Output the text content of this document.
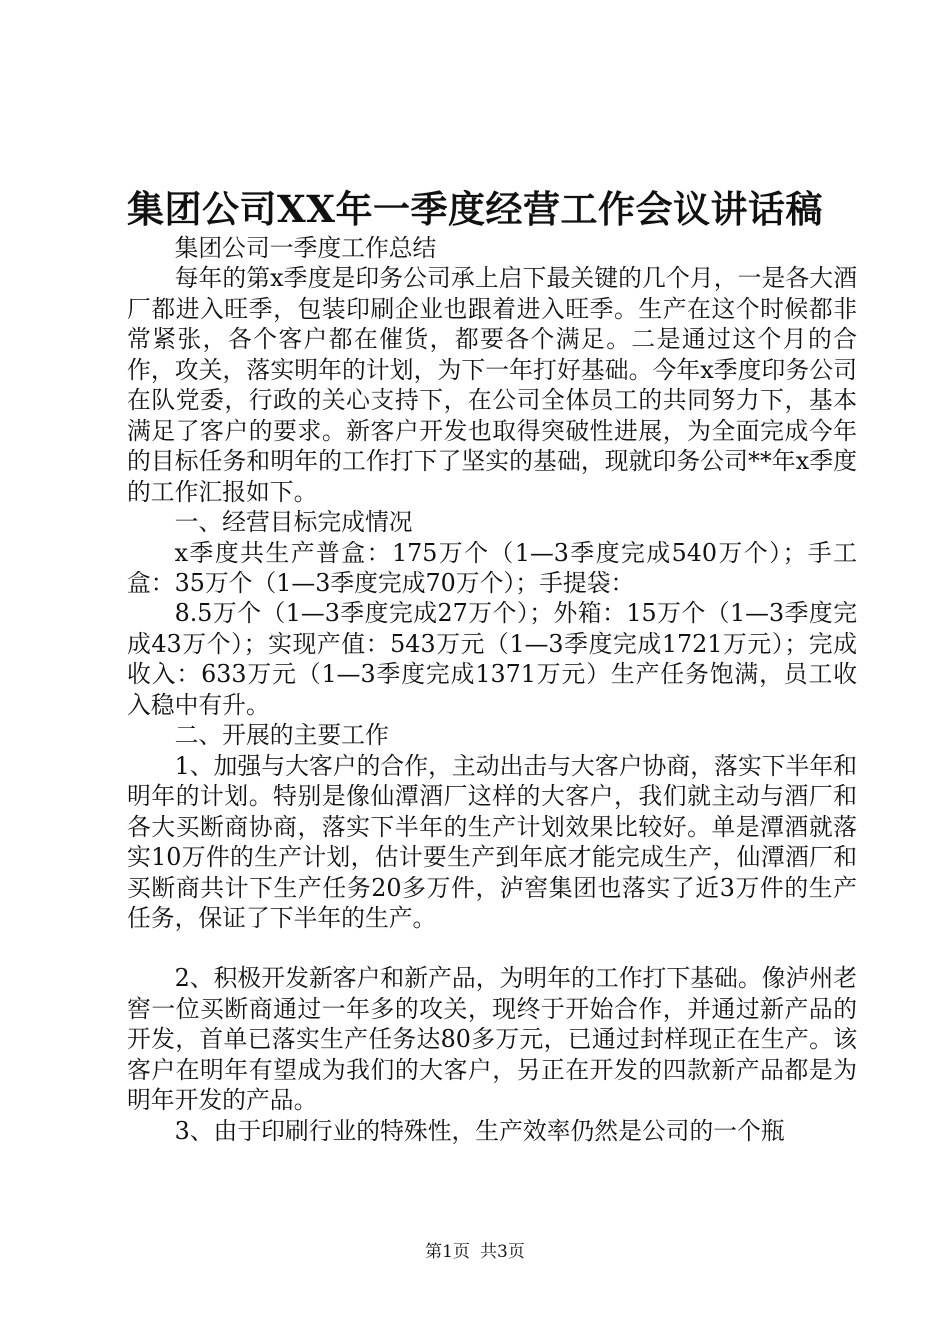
集团公司XX年一季度经营工作会议讲话稿

集团公司一季度工作总结

每年的第x季度是印务公司承上启下最关键的几个月，一是各大酒厂都进入旺季，包装印刷企业也跟着进入旺季。生产在这个时候都非常紧张，各个客户都在催货，都要各个满足。二是通过这个月的合作，攻关，落实明年的计划，为下一年打好基础。今年x季度印务公司在队党委，行政的关心支持下，在公司全体员工的共同努力下，基本满足了客户的要求。新客户开发也取得突破性进展，为全面完成今年的目标任务和明年的工作打下了坚实的基础，现就印务公司**年x季度的工作汇报如下。

一、经营目标完成情况

x季度共生产普盒：175万个（1—3季度完成540万个）；手工盒：35万个（1—3季度完成70万个）；手提袋：

8.5万个（1—3季度完成27万个）；外箱：15万个（1—3季度完成43万个）；实现产值：543万元（1—3季度完成1721万元）；完成收入：633万元（1—3季度完成1371万元）生产任务饱满，员工收入稳中有升。

二、开展的主要工作

1、加强与大客户的合作，主动出击与大客户协商，落实下半年和明年的计划。特别是像仙潭酒厂这样的大客户，我们就主动与酒厂和各大买断商协商，落实下半年的生产计划效果比较好。单是潭酒就落实10万件的生产计划，估计要生产到年底才能完成生产，仙潭酒厂和买断商共计下生产任务20多万件，泸窖集团也落实了近3万件的生产任务，保证了下半年的生产。

2、积极开发新客户和新产品，为明年的工作打下基础。像泸州老窖一位买断商通过一年多的攻关，现终于开始合作，并通过新产品的开发，首单已落实生产任务达80多万元，已通过封样现正在生产。该客户在明年有望成为我们的大客户，另正在开发的四款新产品都是为明年开发的产品。

3、由于印刷行业的特殊性，生产效率仍然是公司的一个瓶

第1页 共3页
